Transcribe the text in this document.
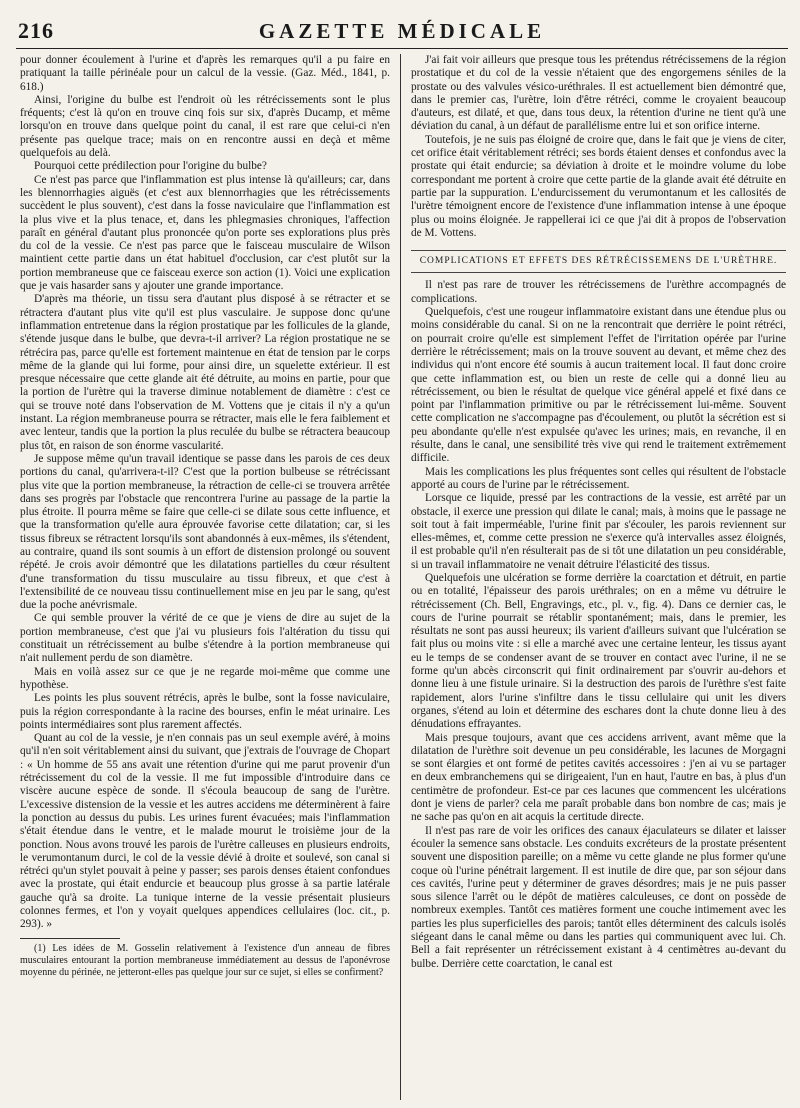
216	GAZETTE MÉDICALE

pour donner écoulement à l'urine et d'après les remarques qu'il a pu faire en pratiquant la taille périnéale pour un calcul de la vessie. (Gaz. Méd., 1841, p. 618.)

Ainsi, l'origine du bulbe est l'endroit où les rétrécissements sont le plus fréquents; c'est là qu'on en trouve cinq fois sur six, d'après Ducamp, et même lorsqu'on en trouve dans quelque point du canal, il est rare que celui-ci n'en présente pas quelque trace; mais on en rencontre aussi en deçà et même quelquefois au delà.

Pourquoi cette prédilection pour l'origine du bulbe?

Ce n'est pas parce que l'inflammation est plus intense là qu'ailleurs; car, dans les blennorrhagies aiguës (et c'est aux blennorrhagies que les rétrécissements succèdent le plus souvent), c'est dans la fosse naviculaire que l'inflammation est la plus vive et la plus tenace, et, dans les phlegmasies chroniques, l'affection paraît en général d'autant plus prononcée qu'on porte ses explorations plus près du col de la vessie. Ce n'est pas parce que le faisceau musculaire de Wilson maintient cette partie dans un état habituel d'occlusion, car c'est plutôt sur la portion membraneuse que ce faisceau exerce son action (1). Voici une explication que je vais hasarder sans y ajouter une grande importance.

D'après ma théorie, un tissu sera d'autant plus disposé à se rétracter et se rétractera d'autant plus vite qu'il est plus vasculaire. Je suppose donc qu'une inflammation entretenue dans la région prostatique par les follicules de la glande, s'étende jusque dans le bulbe, que devra-t-il arriver? La région prostatique ne se rétrécira pas, parce qu'elle est fortement maintenue en état de tension par le corps même de la glande qui lui forme, pour ainsi dire, un squelette extérieur. Il est presque nécessaire que cette glande ait été détruite, au moins en partie, pour que la portion de l'urètre qui la traverse diminue notablement de diamètre : c'est ce qui se trouve noté dans l'observation de M. Vottens que je citais il n'y a qu'un instant. La région membraneuse pourra se rétracter, mais elle le fera faiblement et avec lenteur, tandis que la portion la plus reculée du bulbe se rétractera beaucoup plus tôt, en raison de son énorme vascularité.

Je suppose même qu'un travail identique se passe dans les parois de ces deux portions du canal, qu'arrivera-t-il? C'est que la portion bulbeuse se rétrécissant plus vite que la portion membraneuse, la rétraction de celle-ci se trouvera arrêtée dans ses progrès par l'obstacle que rencontrera l'urine au passage de la partie la plus étroite. Il pourra même se faire que celle-ci se dilate sous cette influence, et que la transformation qu'elle aura éprouvée favorise cette dilatation; car, si les tissus fibreux se rétractent lorsqu'ils sont abandonnés à eux-mêmes, ils s'étendent, au contraire, quand ils sont soumis à un effort de distension prolongé ou souvent répété. Je crois avoir démontré que les dilatations partielles du cœur résultent d'une transformation du tissu musculaire au tissu fibreux, et que c'est à l'extensibilité de ce nouveau tissu continuellement mise en jeu par le sang, qu'est due la poche anévrismale.

Ce qui semble prouver la vérité de ce que je viens de dire au sujet de la portion membraneuse, c'est que j'ai vu plusieurs fois l'altération du tissu qui constituait un rétrécissement au bulbe s'étendre à la portion membraneuse qui n'ait nullement perdu de son diamètre.

Mais en voilà assez sur ce que je ne regarde moi-même que comme une hypothèse.

Les points les plus souvent rétrécis, après le bulbe, sont la fosse naviculaire, puis la région correspondante à la racine des bourses, enfin le méat urinaire. Les points intermédiaires sont plus rarement affectés.

Quant au col de la vessie, je n'en connais pas un seul exemple avéré, à moins qu'il n'en soit véritablement ainsi du suivant, que j'extrais de l'ouvrage de Chopart : « Un homme de 55 ans avait une rétention d'urine qui me parut provenir d'un rétrécissement du col de la vessie. Il me fut impossible d'introduire dans ce viscère aucune espèce de sonde. Il s'écoula beaucoup de sang de l'urètre. L'excessive distension de la vessie et les autres accidens me déterminèrent à faire la ponction au dessus du pubis. Les urines furent évacuées; mais l'inflammation s'était étendue dans le ventre, et le malade mourut le troisième jour de la ponction. Nous avons trouvé les parois de l'urètre calleuses en plusieurs endroits, le verumontanum durci, le col de la vessie dévié à droite et soulevé, son canal si rétréci qu'un stylet pouvait à peine y passer; ses parois denses étaient confondues avec la prostate, qui était endurcie et beaucoup plus grosse à sa partie latérale gauche qu'à sa droite. La tunique interne de la vessie présentait plusieurs colonnes fermes, et l'on y voyait quelques appendices cellulaires (loc. cit., p. 293). »

(1) Les idées de M. Gosselin relativement à l'existence d'un anneau de fibres musculaires entourant la portion membraneuse immédiatement au dessus de l'aponévrose moyenne du périnée, ne jetteront-elles pas quelque jour sur ce sujet, si elles se confirment?

J'ai fait voir ailleurs que presque tous les prétendus rétrécissemens de la région prostatique et du col de la vessie n'étaient que des engorgemens séniles de la prostate ou des valvules vésico-uréthrales. Il est actuellement bien démontré que, dans le premier cas, l'urètre, loin d'être rétréci, comme le croyaient beaucoup d'auteurs, est dilaté, et que, dans tous deux, la rétention d'urine ne tient qu'à une déviation du canal, à un défaut de parallélisme entre lui et son orifice interne.

Toutefois, je ne suis pas éloigné de croire que, dans le fait que je viens de citer, cet orifice était véritablement rétréci; ses bords étaient denses et confondus avec la prostate qui était endurcie; sa déviation à droite et le moindre volume du lobe correspondant me portent à croire que cette partie de la glande avait été détruite en partie par la suppuration. L'endurcissement du verumontanum et les callosités de l'urètre témoignent encore de l'existence d'une inflammation intense à une époque plus ou moins éloignée. Je rappellerai ici ce que j'ai dit à propos de l'observation de M. Vottens.

COMPLICATIONS ET EFFETS DES RÉTRÉCISSEMENS DE L'URÈTHRE.

Il n'est pas rare de trouver les rétrécissemens de l'urèthre accompagnés de complications.

Quelquefois, c'est une rougeur inflammatoire existant dans une étendue plus ou moins considérable du canal. Si on ne la rencontrait que derrière le point rétréci, on pourrait croire qu'elle est simplement l'effet de l'irritation opérée par l'urine derrière le rétrécissement; mais on la trouve souvent au devant, et même chez des individus qui n'ont encore été soumis à aucun traitement local. Il faut donc croire que cette inflammation est, ou bien un reste de celle qui a donné lieu au rétrécissement, ou bien le résultat de quelque vice général appelé et fixé dans ce point par l'inflammation primitive ou par le rétrécissement lui-même. Souvent cette complication ne s'accompagne pas d'écoulement, ou plutôt la sécrétion est si peu abondante qu'elle n'est expulsée qu'avec les urines; mais, en revanche, il en résulte, dans le canal, une sensibilité très vive qui rend le traitement extrêmement difficile.

Mais les complications les plus fréquentes sont celles qui résultent de l'obstacle apporté au cours de l'urine par le rétrécissement.

Lorsque ce liquide, pressé par les contractions de la vessie, est arrêté par un obstacle, il exerce une pression qui dilate le canal; mais, à moins que le passage ne soit tout à fait imperméable, l'urine finit par s'écouler, les parois reviennent sur elles-mêmes, et, comme cette pression ne s'exerce qu'à intervalles assez éloignés, il est probable qu'il n'en résulterait pas de si tôt une dilatation un peu considérable, si un travail inflammatoire ne venait détruire l'élasticité des tissus.

Quelquefois une ulcération se forme derrière la coarctation et détruit, en partie ou en totalité, l'épaisseur des parois uréthrales; on en a même vu détruire le rétrécissement (Ch. Bell, Engravings, etc., pl. v., fig. 4). Dans ce dernier cas, le cours de l'urine pourrait se rétablir spontanément; mais, dans le premier, les résultats ne sont pas aussi heureux; ils varient d'ailleurs suivant que l'ulcération se fait plus ou moins vite : si elle a marché avec une certaine lenteur, les tissus ayant eu le temps de se condenser avant de se trouver en contact avec l'urine, il ne se forme qu'un abcès circonscrit qui finit ordinairement par s'ouvrir au-dehors et donne lieu à une fistule urinaire. Si la destruction des parois de l'urèthre s'est faite rapidement, alors l'urine s'infiltre dans le tissu cellulaire qui unit les divers organes, s'étend au loin et détermine des eschares dont la chute donne lieu à des dénudations effrayantes.

Mais presque toujours, avant que ces accidens arrivent, avant même que la dilatation de l'urèthre soit devenue un peu considérable, les lacunes de Morgagni se sont élargies et ont formé de petites cavités accessoires : j'en ai vu se partager en deux embranchemens qui se dirigeaient, l'un en haut, l'autre en bas, à plus d'un centimètre de profondeur. Est-ce par ces lacunes que commencent les ulcérations dont je viens de parler? cela me paraît probable dans bon nombre de cas; mais je ne sache pas qu'on en ait acquis la certitude directe.

Il n'est pas rare de voir les orifices des canaux éjaculateurs se dilater et laisser écouler la semence sans obstacle. Les conduits excréteurs de la prostate présentent souvent une disposition pareille; on a même vu cette glande ne plus former qu'une coque où l'urine pénétrait largement. Il est inutile de dire que, par son séjour dans ces cavités, l'urine peut y déterminer de graves désordres; mais je ne puis passer sous silence l'arrêt ou le dépôt de matières calculeuses, ce dont on possède de nombreux exemples. Tantôt ces matières forment une couche intimement avec les parties les plus superficielles des parois; tantôt elles déterminent des calculs isolés siégeant dans le canal même ou dans les parties qui communiquent avec lui. Ch. Bell a fait représenter un rétrécissement existant à 4 centimètres au-devant du bulbe. Derrière cette coarctation, le canal est
